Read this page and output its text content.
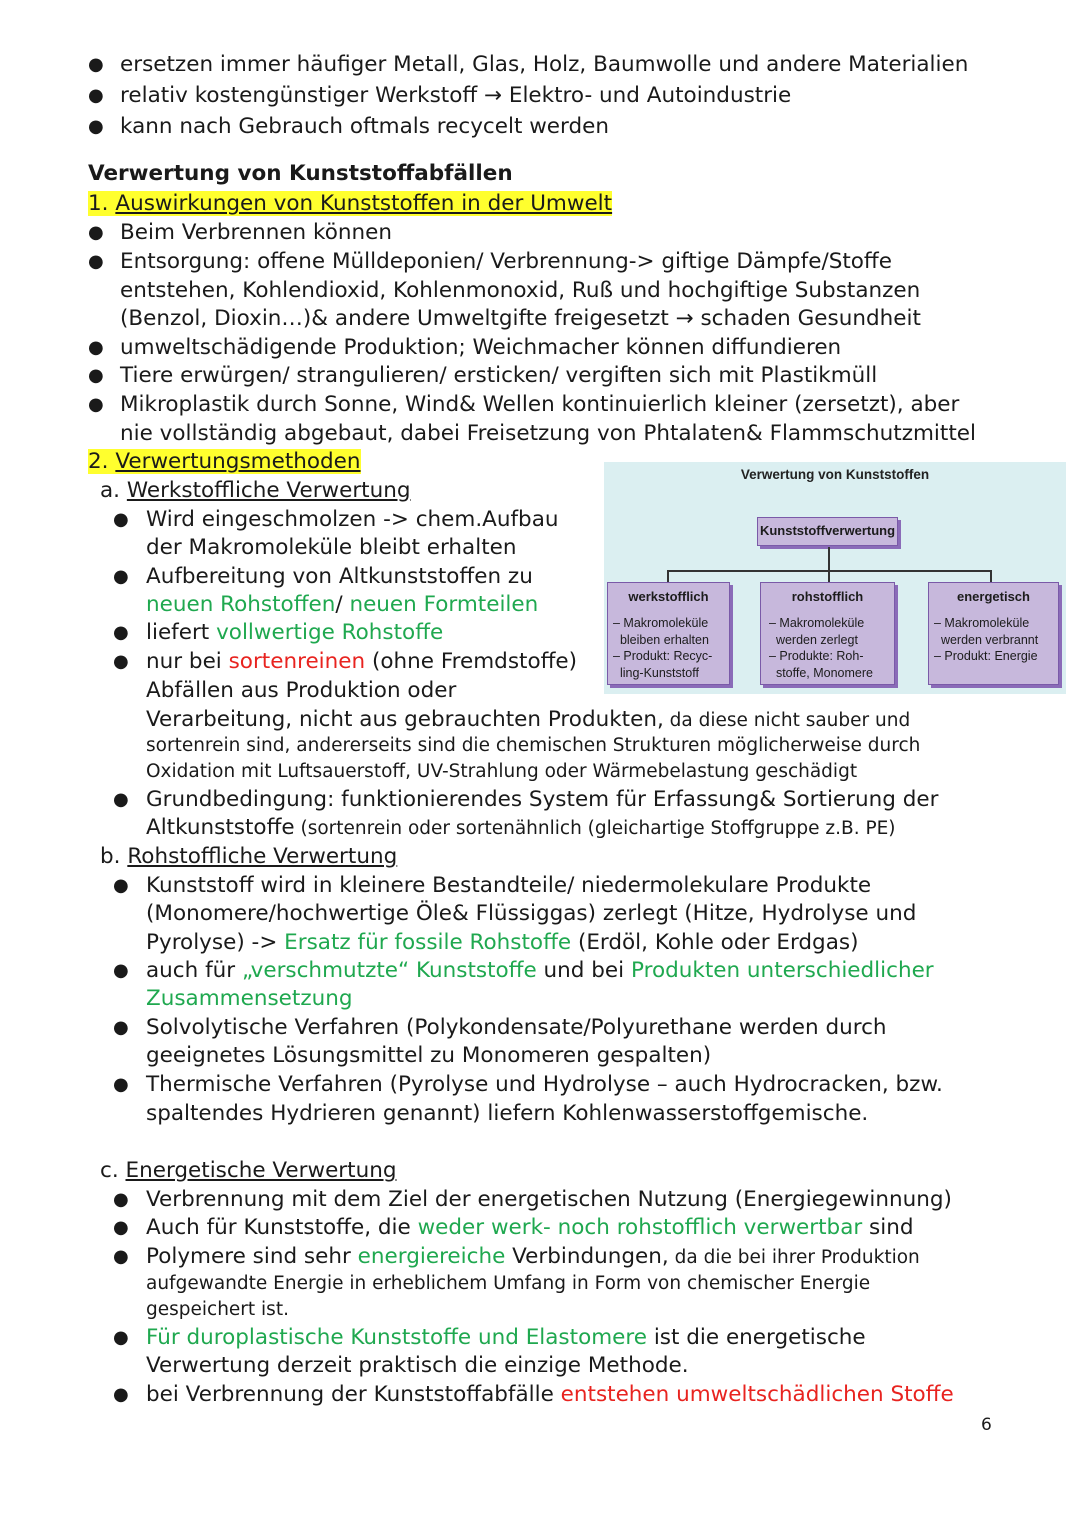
● ersetzen immer häufiger Metall, Glas, Holz, Baumwolle und andere Materialien
● relativ kostengünstiger Werkstoff → Elektro- und Autoindustrie
● kann nach Gebrauch oftmals recycelt werden
Verwertung von Kunststoffabfällen
1. Auswirkungen von Kunststoffen in der Umwelt
● Beim Verbrennen können
● Entsorgung: offene Mülldeponien/ Verbrennung-> giftige Dämpfe/Stoffe
entstehen, Kohlendioxid, Kohlenmonoxid, Ruß und hochgiftige Substanzen
(Benzol, Dioxin…)& andere Umweltgifte freigesetzt → schaden Gesundheit
● umweltschädigende Produktion; Weichmacher können diffundieren
● Tiere erwürgen/ strangulieren/ ersticken/ vergiften sich mit Plastikmüll
● Mikroplastik durch Sonne, Wind& Wellen kontinuierlich kleiner (zersetzt), aber
nie vollständig abgebaut, dabei Freisetzung von Phtalaten& Flammschutzmittel
2. Verwertungsmethoden
a. Werkstoffliche Verwertung
● Wird eingeschmolzen -> chem.Aufbau
der Makromoleküle bleibt erhalten
● Aufbereitung von Altkunststoffen zu
neuen Rohstoffen/ neuen Formteilen
● liefert vollwertige Rohstoffe
● nur bei sortenreinen (ohne Fremdstoffe)
Abfällen aus Produktion oder
Verarbeitung, nicht aus gebrauchten Produkten, da diese nicht sauber und
sortenrein sind, andererseits sind die chemischen Strukturen möglicherweise durch
Oxidation mit Luftsauerstoff, UV-Strahlung oder Wärmebelastung geschädigt
● Grundbedingung: funktionierendes System für Erfassung& Sortierung der
Altkunststoffe (sortenrein oder sortenähnlich (gleichartige Stoffgruppe z.B. PE)
b. Rohstoffliche Verwertung
● Kunststoff wird in kleinere Bestandteile/ niedermolekulare Produkte
(Monomere/hochwertige Öle& Flüssiggas) zerlegt (Hitze, Hydrolyse und
Pyrolyse) -> Ersatz für fossile Rohstoffe (Erdöl, Kohle oder Erdgas)
● auch für „verschmutzte“ Kunststoffe und bei Produkten unterschiedlicher
Zusammensetzung
● Solvolytische Verfahren (Polykondensate/Polyurethane werden durch
geeignetes Lösungsmittel zu Monomeren gespalten)
● Thermische Verfahren (Pyrolyse und Hydrolyse – auch Hydrocracken, bzw.
spaltendes Hydrieren genannt) liefern Kohlenwasserstoffgemische.
c. Energetische Verwertung
● Verbrennung mit dem Ziel der energetischen Nutzung (Energiegewinnung)
● Auch für Kunststoffe, die weder werk- noch rohstofflich verwertbar sind
● Polymere sind sehr energiereiche Verbindungen, da die bei ihrer Produktion
aufgewandte Energie in erheblichem Umfang in Form von chemischer Energie
gespeichert ist.
● Für duroplastische Kunststoffe und Elastomere ist die energetische
Verwertung derzeit praktisch die einzige Methode.
● bei Verbrennung der Kunststoffabfälle entstehen umweltschädlichen Stoffe
Verwertung von Kunststoffen
Kunststoffverwertung
werkstofflich
– Makromoleküle
bleiben erhalten
– Produkt: Recyc-
ling-Kunststoff
rohstofflich
– Makromoleküle
werden zerlegt
– Produkte: Roh-
stoffe, Monomere
energetisch
– Makromoleküle
werden verbrannt
– Produkt: Energie
6
